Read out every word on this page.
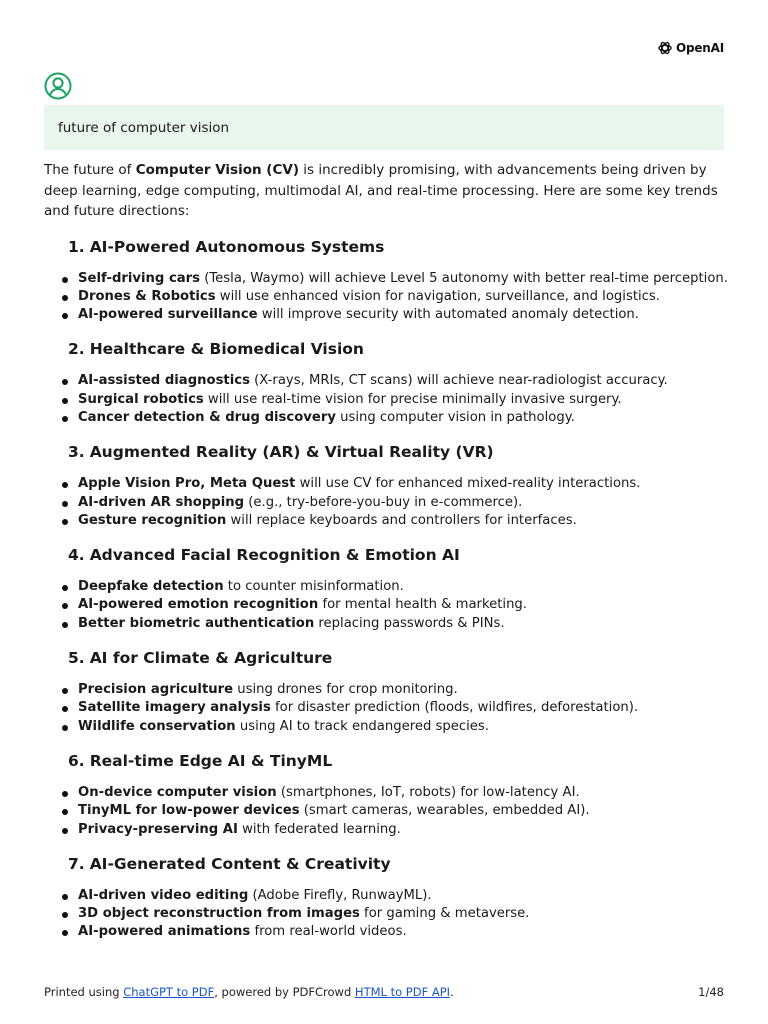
OpenAI
future of computer vision

The future of Computer Vision (CV) is incredibly promising, with advancements being driven by deep learning, edge computing, multimodal AI, and real-time processing. Here are some key trends and future directions:

1. AI-Powered Autonomous Systems
Self-driving cars (Tesla, Waymo) will achieve Level 5 autonomy with better real-time perception.
Drones & Robotics will use enhanced vision for navigation, surveillance, and logistics.
AI-powered surveillance will improve security with automated anomaly detection.
2. Healthcare & Biomedical Vision
AI-assisted diagnostics (X-rays, MRIs, CT scans) will achieve near-radiologist accuracy.
Surgical robotics will use real-time vision for precise minimally invasive surgery.
Cancer detection & drug discovery using computer vision in pathology.
3. Augmented Reality (AR) & Virtual Reality (VR)
Apple Vision Pro, Meta Quest will use CV for enhanced mixed-reality interactions.
AI-driven AR shopping (e.g., try-before-you-buy in e-commerce).
Gesture recognition will replace keyboards and controllers for interfaces.
4. Advanced Facial Recognition & Emotion AI
Deepfake detection to counter misinformation.
AI-powered emotion recognition for mental health & marketing.
Better biometric authentication replacing passwords & PINs.
5. AI for Climate & Agriculture
Precision agriculture using drones for crop monitoring.
Satellite imagery analysis for disaster prediction (floods, wildfires, deforestation).
Wildlife conservation using AI to track endangered species.
6. Real-time Edge AI & TinyML
On-device computer vision (smartphones, IoT, robots) for low-latency AI.
TinyML for low-power devices (smart cameras, wearables, embedded AI).
Privacy-preserving AI with federated learning.
7. AI-Generated Content & Creativity
AI-driven video editing (Adobe Firefly, RunwayML).
3D object reconstruction from images for gaming & metaverse.
AI-powered animations from real-world videos.
Printed using ChatGPT to PDF, powered by PDFCrowd HTML to PDF API.	1/48
